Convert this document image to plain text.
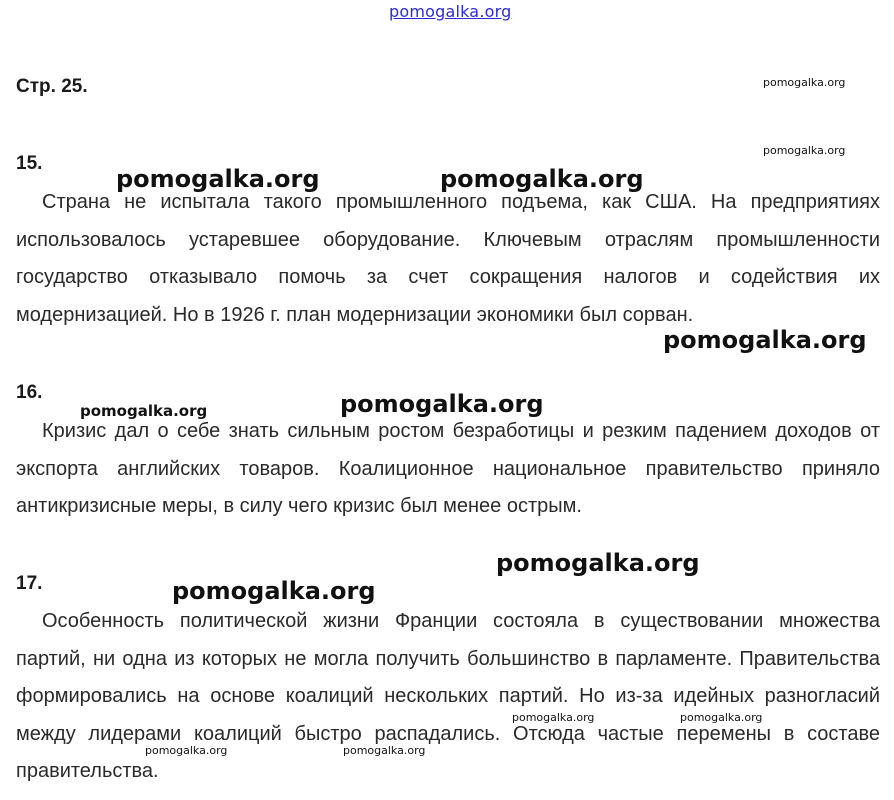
pomogalka.org
Стр. 25.
15.
Страна не испытала такого промышленного подъема, как США. На предприятиях использовалось устаревшее оборудование. Ключевым отраслям промышленности государство отказывало помочь за счет сокращения налогов и содействия их модернизацией. Но в 1926 г. план модернизации экономики был сорван.
16.
Кризис дал о себе знать сильным ростом безработицы и резким падением доходов от экспорта английских товаров. Коалиционное национальное правительство приняло антикризисные меры, в силу чего кризис был менее острым.
17.
Особенность политической жизни Франции состояла в существовании множества партий, ни одна из которых не могла получить большинство в парламенте. Правительства формировались на основе коалиций нескольких партий. Но из-за идейных разногласий между лидерами коалиций быстро распадались. Отсюда частые перемены в составе правительства.
pomogalka.org
pomogalka.org
pomogalka.org	pomogalka.org
pomogalka.org
pomogalka.org	pomogalka.org
pomogalka.org
pomogalka.org
pomogalka.org	pomogalka.org
pomogalka.org	pomogalka.org
